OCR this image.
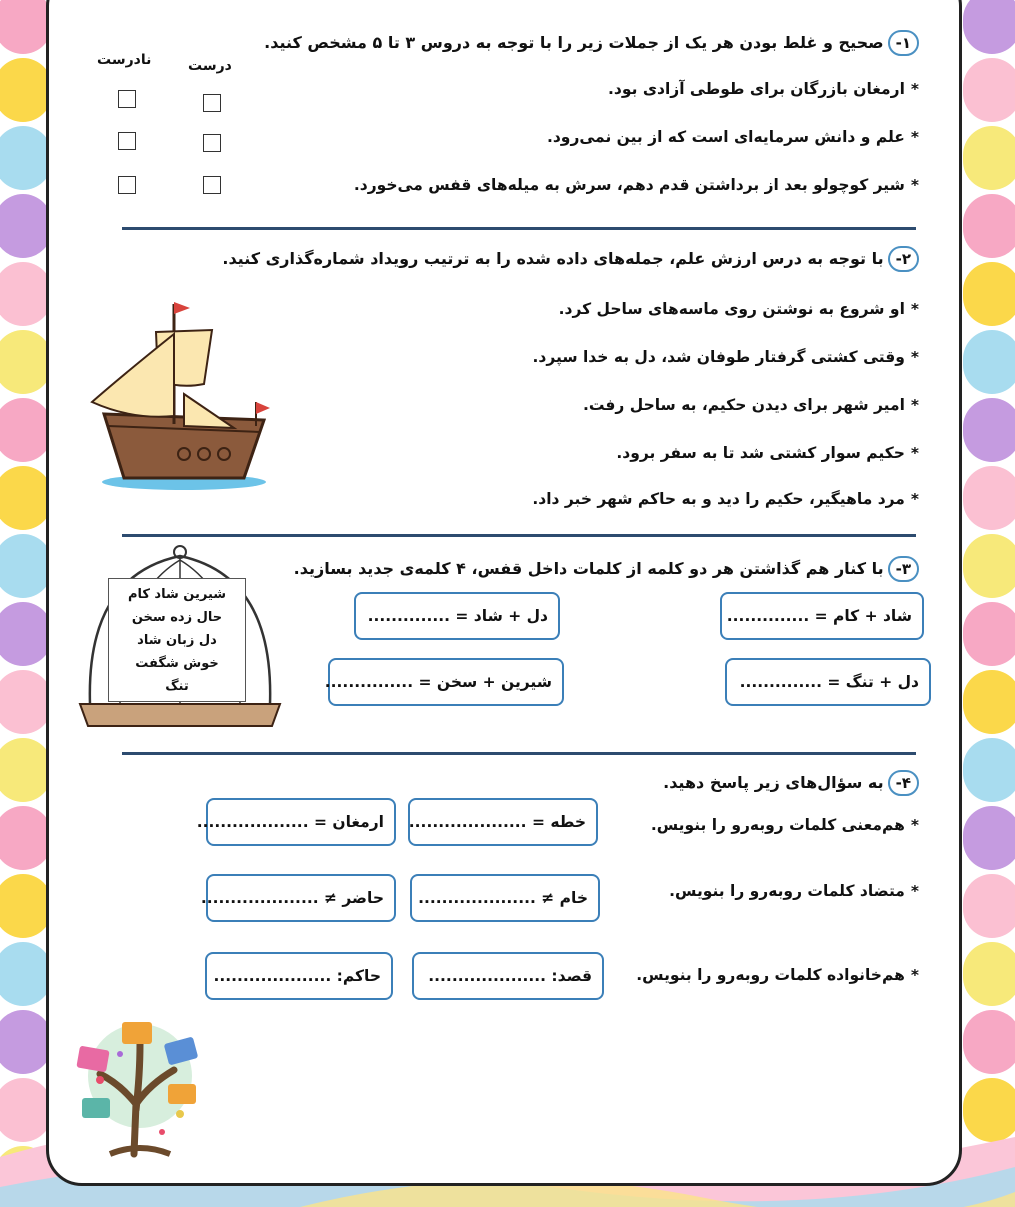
۱-صحیح و غلط بودن هر یک از جملات زیر را با توجه به دروس ۳ تا ۵ مشخص کنید.
نادرست	درست
*ارمغان بازرگان برای طوطی آزادی بود.
*علم و دانش سرمایه‌ای است که از بین نمی‌رود.
*شیر کوچولو بعد از برداشتن قدم دهم، سرش به میله‌های قفس می‌خورد.
۲-با توجه به درس ارزش علم، جمله‌های داده شده را به ترتیب رویداد شماره‌گذاری کنید.
*او شروع به نوشتن روی ماسه‌های ساحل کرد.
*وقتی کشتی گرفتار طوفان شد، دل به خدا سپرد.
*امیر شهر برای دیدن حکیم، به ساحل رفت.
*حکیم سوار کشتی شد تا به سفر برود.
*مرد ماهیگیر، حکیم را دید و به حاکم شهر خبر داد.
۳-با کنار هم گذاشتن هر دو کلمه از کلمات داخل قفس، ۴ کلمه‌ی جدید بسازید.
شیرین شاد کام
حال زده سخن
دل زبان شاد
خوش شگفت
تنگ
شاد + کام = ..............
دل + شاد = ..............
دل + تنگ = ..............
شیرین + سخن = ...............
۴-به سؤال‌های زیر پاسخ دهید.
*هم‌معنی کلمات روبه‌رو را بنویس.
خطه = ....................
ارمغان = ...................
*متضاد کلمات روبه‌رو را بنویس.
خام ≠ ....................
حاضر ≠ ....................
*هم‌خانواده کلمات روبه‌رو را بنویس.
قصد: ....................
حاکم: ....................
